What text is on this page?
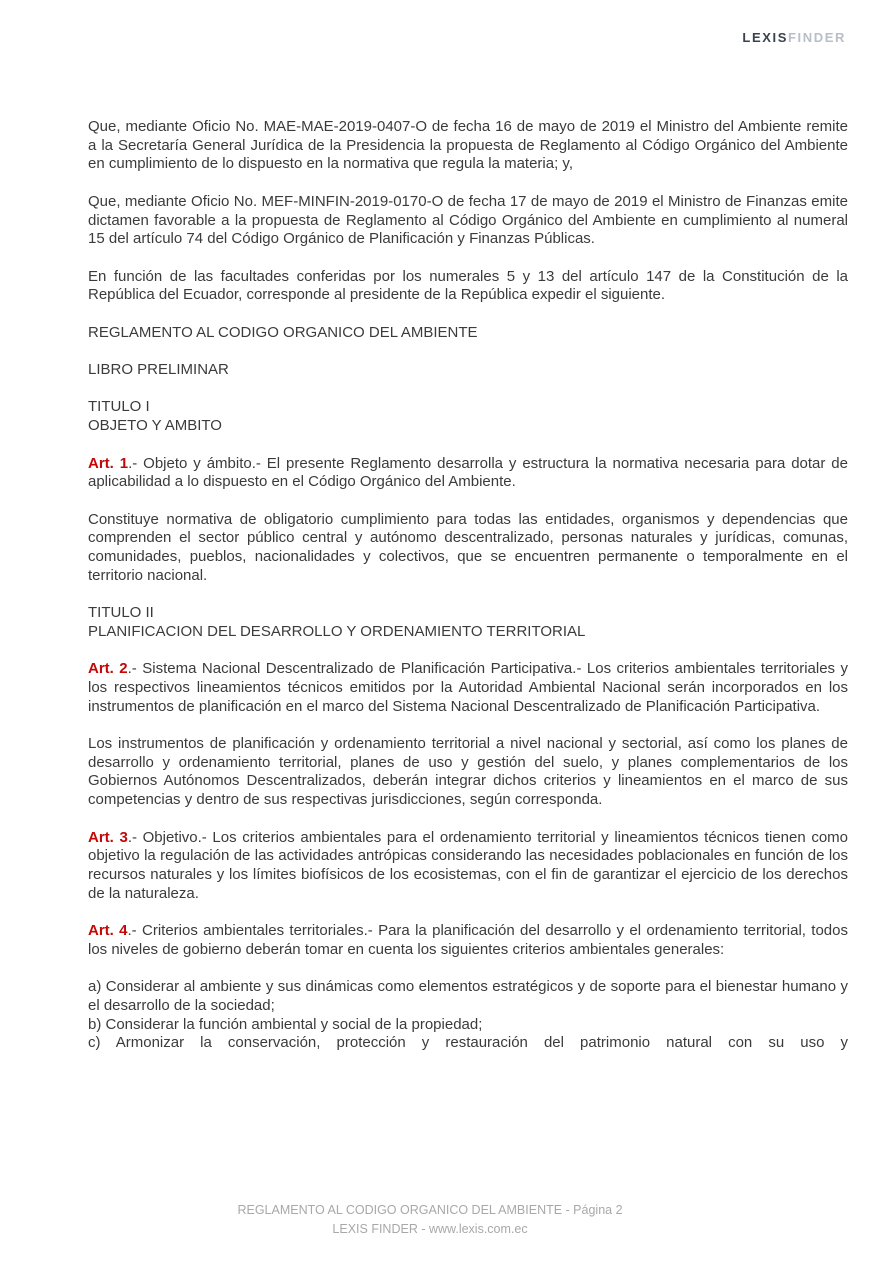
LEXISFINDER

Que, mediante Oficio No. MAE-MAE-2019-0407-O de fecha 16 de mayo de 2019 el Ministro del Ambiente remite a la Secretaría General Jurídica de la Presidencia la propuesta de Reglamento al Código Orgánico del Ambiente en cumplimiento de lo dispuesto en la normativa que regula la materia; y,

Que, mediante Oficio No. MEF-MINFIN-2019-0170-O de fecha 17 de mayo de 2019 el Ministro de Finanzas emite dictamen favorable a la propuesta de Reglamento al Código Orgánico del Ambiente en cumplimiento al numeral 15 del artículo 74 del Código Orgánico de Planificación y Finanzas Públicas.

En función de las facultades conferidas por los numerales 5 y 13 del artículo 147 de la Constitución de la República del Ecuador, corresponde al presidente de la República expedir el siguiente.

REGLAMENTO AL CODIGO ORGANICO DEL AMBIENTE

LIBRO PRELIMINAR

TITULO I

OBJETO Y AMBITO

Art. 1.- Objeto y ámbito.- El presente Reglamento desarrolla y estructura la normativa necesaria para dotar de aplicabilidad a lo dispuesto en el Código Orgánico del Ambiente.

Constituye normativa de obligatorio cumplimiento para todas las entidades, organismos y dependencias que comprenden el sector público central y autónomo descentralizado, personas naturales y jurídicas, comunas, comunidades, pueblos, nacionalidades y colectivos, que se encuentren permanente o temporalmente en el territorio nacional.

TITULO II

PLANIFICACION DEL DESARROLLO Y ORDENAMIENTO TERRITORIAL

Art. 2.- Sistema Nacional Descentralizado de Planificación Participativa.- Los criterios ambientales territoriales y los respectivos lineamientos técnicos emitidos por la Autoridad Ambiental Nacional serán incorporados en los instrumentos de planificación en el marco del Sistema Nacional Descentralizado de Planificación Participativa.

Los instrumentos de planificación y ordenamiento territorial a nivel nacional y sectorial, así como los planes de desarrollo y ordenamiento territorial, planes de uso y gestión del suelo, y planes complementarios de los Gobiernos Autónomos Descentralizados, deberán integrar dichos criterios y lineamientos en el marco de sus competencias y dentro de sus respectivas jurisdicciones, según corresponda.

Art. 3.- Objetivo.- Los criterios ambientales para el ordenamiento territorial y lineamientos técnicos tienen como objetivo la regulación de las actividades antrópicas considerando las necesidades poblacionales en función de los recursos naturales y los límites biofísicos de los ecosistemas, con el fin de garantizar el ejercicio de los derechos de la naturaleza.

Art. 4.- Criterios ambientales territoriales.- Para la planificación del desarrollo y el ordenamiento territorial, todos los niveles de gobierno deberán tomar en cuenta los siguientes criterios ambientales generales:

a) Considerar al ambiente y sus dinámicas como elementos estratégicos y de soporte para el bienestar humano y el desarrollo de la sociedad;

b) Considerar la función ambiental y social de la propiedad;

c) Armonizar la conservación, protección y restauración del patrimonio natural con su uso y

REGLAMENTO AL CODIGO ORGANICO DEL AMBIENTE - Página 2
LEXIS FINDER - www.lexis.com.ec
